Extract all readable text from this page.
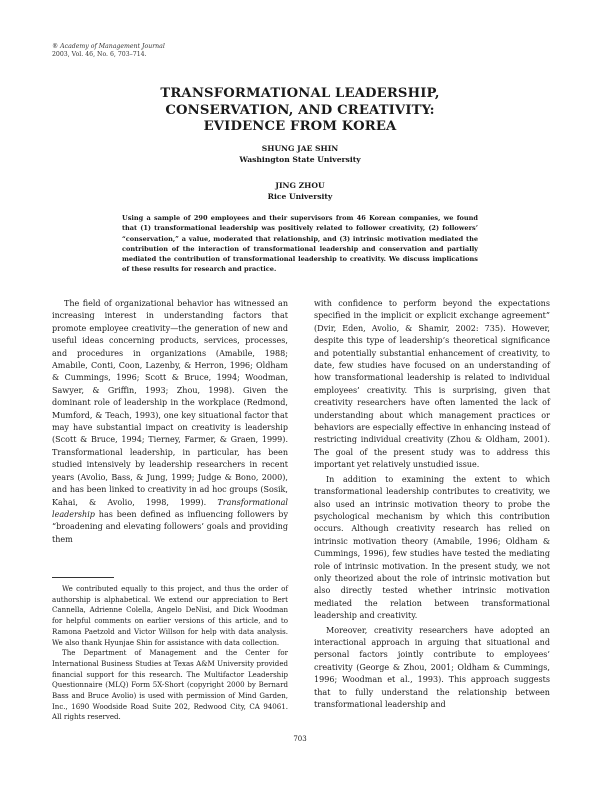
® Academy of Management Journal
2003, Vol. 46, No. 6, 703–714.
TRANSFORMATIONAL LEADERSHIP,
CONSERVATION, AND CREATIVITY:
EVIDENCE FROM KOREA
SHUNG JAE SHIN
Washington State University
JING ZHOU
Rice University
Using a sample of 290 employees and their supervisors from 46 Korean companies, we found that (1) transformational leadership was positively related to follower creativity, (2) followers’ “conservation,” a value, moderated that relationship, and (3) intrinsic motivation mediated the contribution of the interaction of transformational leadership and conservation and partially mediated the contribution of transformational leadership to creativity. We discuss implications of these results for research and practice.

The field of organizational behavior has witnessed an increasing interest in understanding factors that promote employee creativity—the generation of new and useful ideas concerning products, services, processes, and procedures in organizations (Amabile, 1988; Amabile, Conti, Coon, Lazenby, & Herron, 1996; Oldham & Cummings, 1996; Scott & Bruce, 1994; Woodman, Sawyer, & Griffin, 1993; Zhou, 1998). Given the dominant role of leadership in the workplace (Redmond, Mumford, & Teach, 1993), one key situational factor that may have substantial impact on creativity is leadership (Scott & Bruce, 1994; Tierney, Farmer, & Graen, 1999). Transformational leadership, in particular, has been studied intensively by leadership researchers in recent years (Avolio, Bass, & Jung, 1999; Judge & Bono, 2000), and has been linked to creativity in ad hoc groups (Sosik, Kahai, & Avolio, 1998, 1999). Transformational leadership has been defined as influencing followers by “broadening and elevating followers’ goals and providing them

We contributed equally to this project, and thus the order of authorship is alphabetical. We extend our appreciation to Bert Cannella, Adrienne Colella, Angelo DeNisi, and Dick Woodman for helpful comments on earlier versions of this article, and to Ramona Paetzold and Victor Willson for help with data analysis. We also thank Hyunjae Shin for assistance with data collection.

The Department of Management and the Center for International Business Studies at Texas A&M University provided financial support for this research. The Multifactor Leadership Questionnaire (MLQ) Form 5X-Short (copyright 2000 by Bernard Bass and Bruce Avolio) is used with permission of Mind Garden, Inc., 1690 Woodside Road Suite 202, Redwood City, CA 94061. All rights reserved.

with confidence to perform beyond the expectations specified in the implicit or explicit exchange agreement” (Dvir, Eden, Avolio, & Shamir, 2002: 735). However, despite this type of leadership’s theoretical significance and potentially substantial enhancement of creativity, to date, few studies have focused on an understanding of how transformational leadership is related to individual employees’ creativity. This is surprising, given that creativity researchers have often lamented the lack of understanding about which management practices or behaviors are especially effective in enhancing instead of restricting individual creativity (Zhou & Oldham, 2001). The goal of the present study was to address this important yet relatively unstudied issue.

In addition to examining the extent to which transformational leadership contributes to creativity, we also used an intrinsic motivation theory to probe the psychological mechanism by which this contribution occurs. Although creativity research has relied on intrinsic motivation theory (Amabile, 1996; Oldham & Cummings, 1996), few studies have tested the mediating role of intrinsic motivation. In the present study, we not only theorized about the role of intrinsic motivation but also directly tested whether intrinsic motivation mediated the relation between transformational leadership and creativity.

Moreover, creativity researchers have adopted an interactional approach in arguing that situational and personal factors jointly contribute to employees’ creativity (George & Zhou, 2001; Oldham & Cummings, 1996; Woodman et al., 1993). This approach suggests that to fully understand the relationship between transformational leadership and

703
